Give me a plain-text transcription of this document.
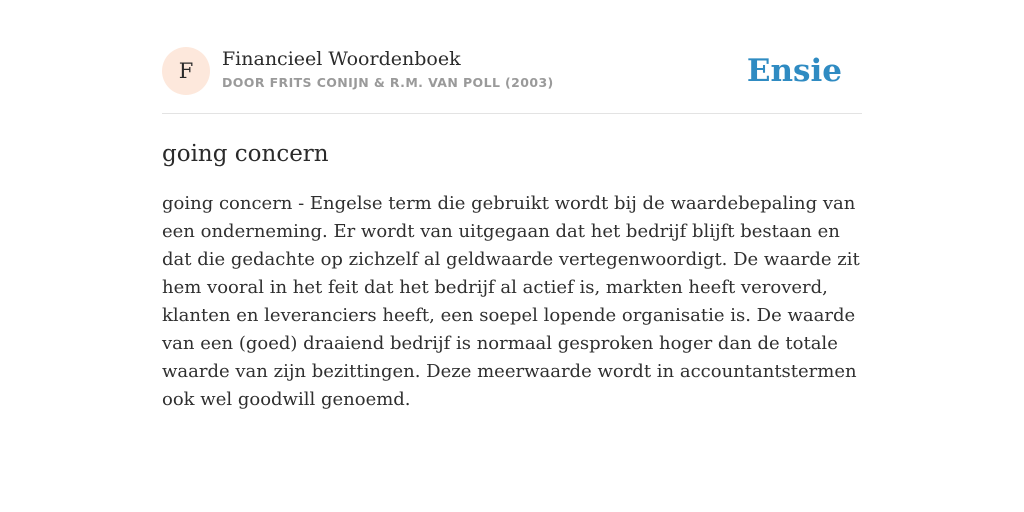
F	Financieel Woordenboek
DOOR FRITS CONIJN & R.M. VAN POLL (2003)	Ensie
going concern

going concern - Engelse term die gebruikt wordt bij de waardebepaling van een onderneming. Er wordt van uitgegaan dat het bedrijf blijft bestaan en dat die gedachte op zichzelf al geldwaarde vertegenwoordigt. De waarde zit hem vooral in het feit dat het bedrijf al actief is, markten heeft veroverd, klanten en leveranciers heeft, een soepel lopende organisatie is. De waarde van een (goed) draaiend bedrijf is normaal gesproken hoger dan de totale waarde van zijn bezittingen. Deze meerwaarde wordt in accountantstermen ook wel goodwill genoemd.
